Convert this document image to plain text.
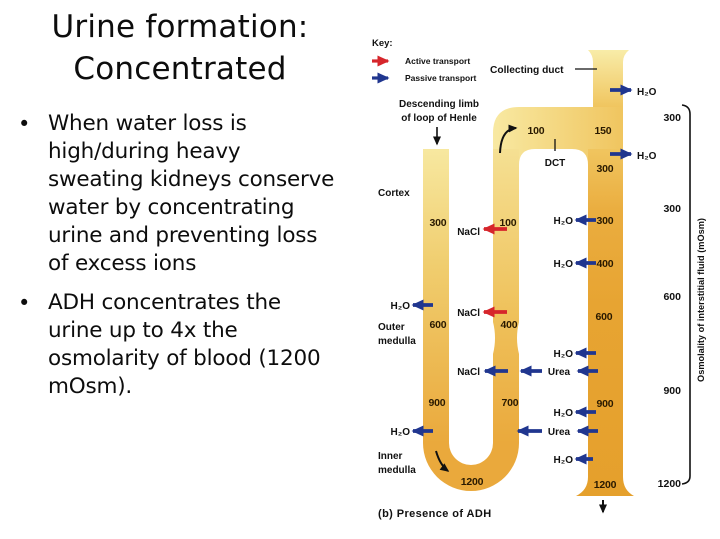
Urine formation:
Concentrated
• When water loss is
high/during heavy
sweating kidneys conserve
water by concentrating
urine and preventing loss
of excess ions
• ADH concentrates the
urine up to 4x the
osmolarity of blood (1200
mOsm).
Key:
Active transport
Passive transport
Collecting duct
Descending limb
of loop of Henle
Cortex
Outer
medulla
Inner
medulla
DCT
300
600
900
1200
100
400
700
100	150
300
300
400
600
900
1200
NaCl
NaCl
NaCl	Urea
Urea
H₂O
H₂O
H₂O
H₂O
H₂O
H₂O
H₂O
H₂O
H₂O
300
300
600
900
1200
Osmolality of interstitial fluid (mOsm)
(b) Presence of ADH
